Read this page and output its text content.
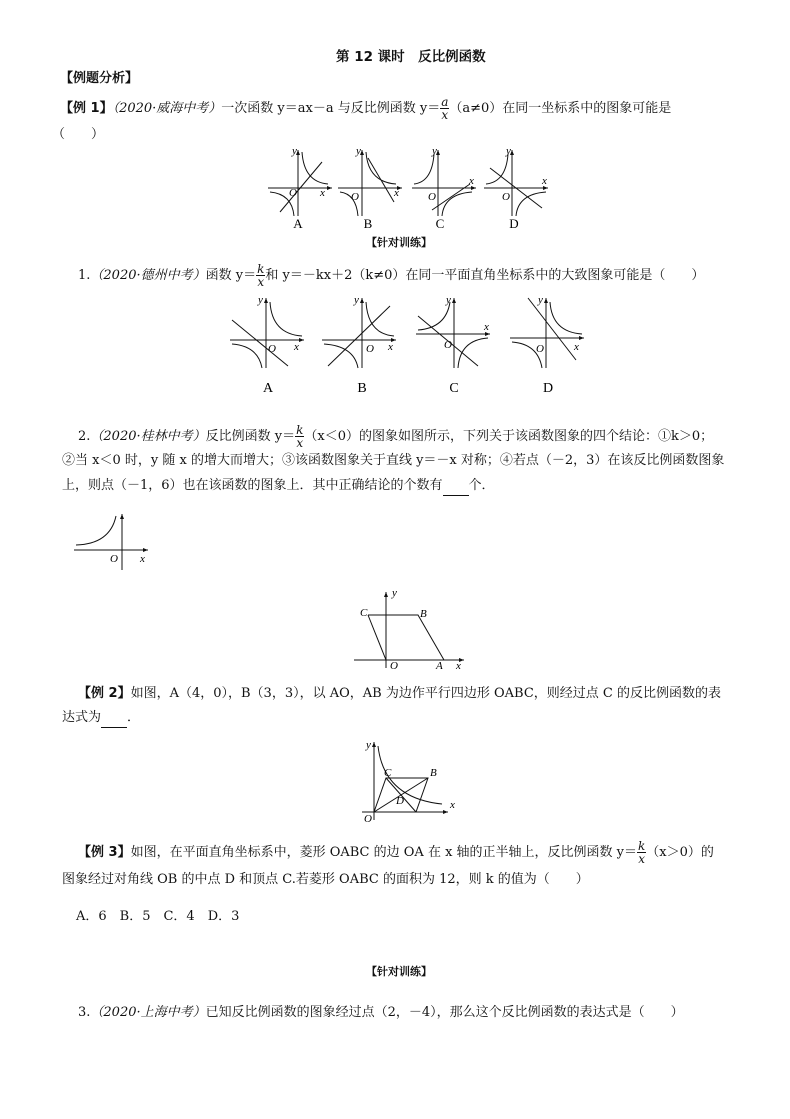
第 12 课时　反比例函数
【例题分析】
【例 1】（2020·威海中考）一次函数 y＝ax－a 与反比例函数 $y= \frac{a}{x} (a\ne 0)$在同一坐标系中的图象可能是
（　　）
y
O x
y
O	x
y
O
x
y
O
x
A	B	C	D
【针对训练】
1.（2020·德州中考）函数 $y= \frac{k}{x}$ 和 y＝－kx＋2（k≠0）在同一平面直角坐标系中的大致图象可能是（　　）
y
O x
y
O x
y
O
x
y
O	x
A	B	C	D
2.（2020·桂林中考）反比例函数 $y= \frac{k}{x} (x<0)$的图象如图所示，下列关于该函数图象的四个结论：①k＞0；
②当 x＜0 时，y 随 x 的增大而增大；③该函数图象关于直线 y＝－x 对称；④若点（－2，3）在该反比例函数图象
上，则点（－1，6）也在该函数的图象上．其中正确结论的个数有 个．
O x
C
y
B
O	A x
【例 2】如图，A（4，0），B（3，3），以 AO，AB 为边作平行四边形 OABC，则经过点 C 的反比例函数的表
达式为 ．
y
C	B
D
O
x
【例 3】如图，在平面直角坐标系中，菱形 OABC 的边 OA 在 x 轴的正半轴上，反比例函数 $y= \frac{k}{x} (x>0)$的
图象经过对角线 OB 的中点 D 和顶点 C.若菱形 OABC 的面积为 12，则 k 的值为（　　）
A．6　B．5　C．4　D．3
【针对训练】
3.（2020·上海中考）已知反比例函数的图象经过点（2，－4），那么这个反比例函数的表达式是（　　）
